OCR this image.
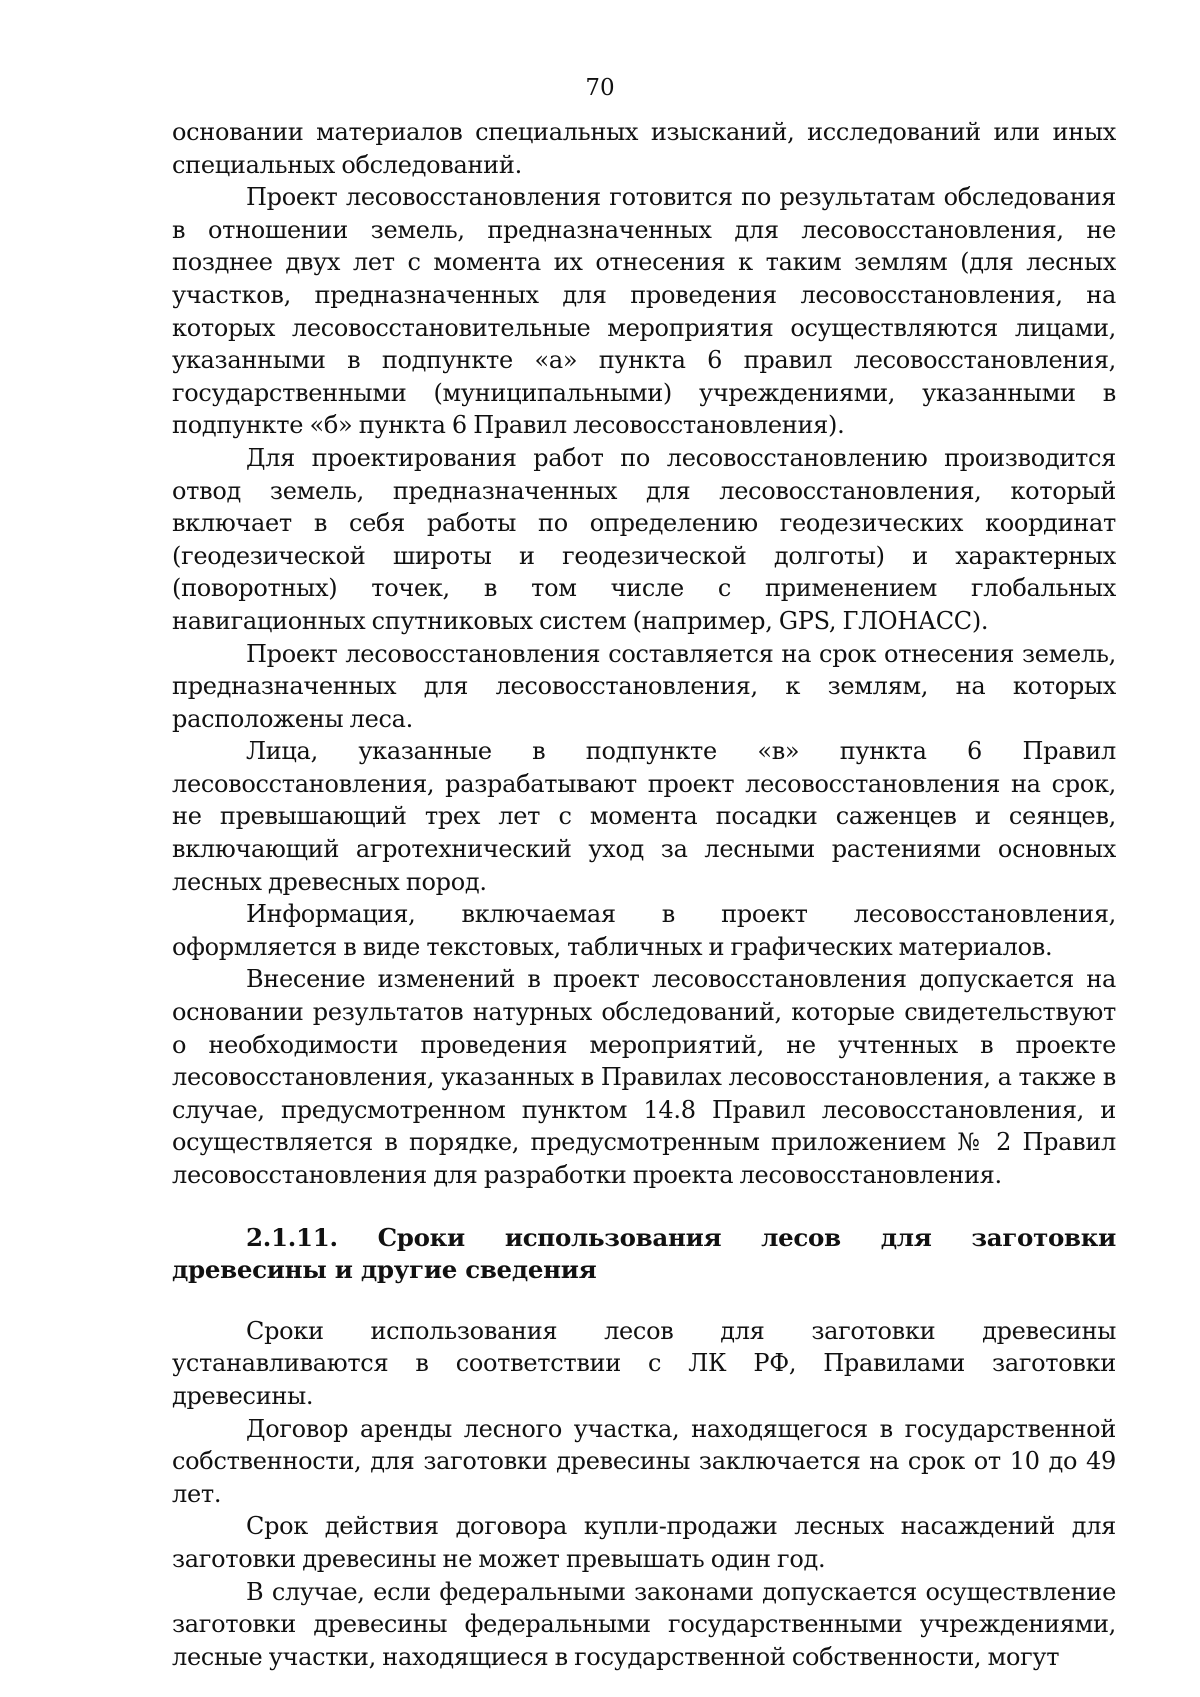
70

основании материалов специальных изысканий, исследований или иных специальных обследований.

Проект лесовосстановления готовится по результатам обследования в отношении земель, предназначенных для лесовосстановления, не позднее двух лет с момента их отнесения к таким землям (для лесных участков, предназначенных для проведения лесовосстановления, на которых лесовосстановительные мероприятия осуществляются лицами, указанными в подпункте «а» пункта 6 правил лесовосстановления, государственными (муниципальными) учреждениями, указанными в подпункте «б» пункта 6 Правил лесовосстановления).

Для проектирования работ по лесовосстановлению производится отвод земель, предназначенных для лесовосстановления, который включает в себя работы по определению геодезических координат (геодезической широты и геодезической долготы) и характерных (поворотных) точек, в том числе с применением глобальных навигационных спутниковых систем (например, GPS, ГЛОНАСС).

Проект лесовосстановления составляется на срок отнесения земель, предназначенных для лесовосстановления, к землям, на которых расположены леса.

Лица, указанные в подпункте «в» пункта 6 Правил лесовосстановления, разрабатывают проект лесовосстановления на срок, не превышающий трех лет с момента посадки саженцев и сеянцев, включающий агротехнический уход за лесными растениями основных лесных древесных пород.

Информация, включаемая в проект лесовосстановления, оформляется в виде текстовых, табличных и графических материалов.

Внесение изменений в проект лесовосстановления допускается на основании результатов натурных обследований, которые свидетельствуют о необходимости проведения мероприятий, не учтенных в проекте лесовосстановления, указанных в Правилах лесовосстановления, а также в случае, предусмотренном пунктом 14.8 Правил лесовосстановления, и осуществляется в порядке, предусмотренным приложением № 2 Правил лесовосстановления для разработки проекта лесовосстановления.

2.1.11. Сроки использования лесов для заготовки древесины и другие сведения

Сроки использования лесов для заготовки древесины устанавливаются в соответствии с ЛК РФ, Правилами заготовки древесины.

Договор аренды лесного участка, находящегося в государственной собственности, для заготовки древесины заключается на срок от 10 до 49 лет.

Срок действия договора купли-продажи лесных насаждений для заготовки древесины не может превышать один год.

В случае, если федеральными законами допускается осуществление заготовки древесины федеральными государственными учреждениями, лесные участки, находящиеся в государственной собственности, могут
